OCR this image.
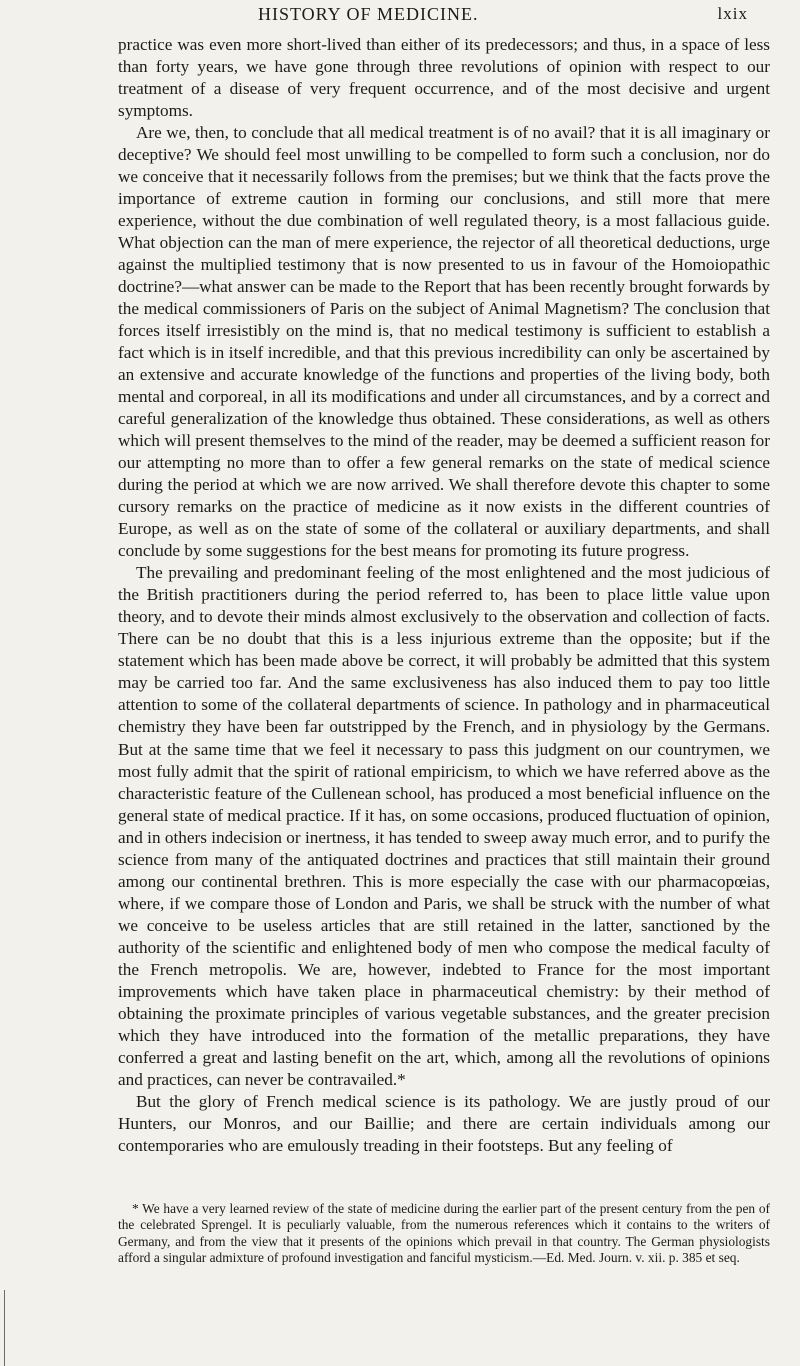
HISTORY OF MEDICINE.	lxix

practice was even more short-lived than either of its predecessors; and thus, in a space of less than forty years, we have gone through three revolutions of opinion with respect to our treatment of a disease of very frequent occurrence, and of the most decisive and urgent symptoms.

Are we, then, to conclude that all medical treatment is of no avail? that it is all imaginary or deceptive? We should feel most unwilling to be compelled to form such a conclusion, nor do we conceive that it necessarily follows from the premises; but we think that the facts prove the importance of extreme caution in forming our conclusions, and still more that mere experience, without the due combination of well regulated theory, is a most fallacious guide. What objection can the man of mere experience, the rejector of all theoretical deductions, urge against the multiplied testimony that is now presented to us in favour of the Homoiopathic doctrine?—what answer can be made to the Report that has been recently brought forwards by the medical commissioners of Paris on the subject of Animal Magnetism? The conclusion that forces itself irresistibly on the mind is, that no medical testimony is sufficient to establish a fact which is in itself incredible, and that this previous incredibility can only be ascertained by an extensive and accurate knowledge of the functions and properties of the living body, both mental and corporeal, in all its modifications and under all circumstances, and by a correct and careful generalization of the knowledge thus obtained. These considerations, as well as others which will present themselves to the mind of the reader, may be deemed a sufficient reason for our attempting no more than to offer a few general remarks on the state of medical science during the period at which we are now arrived. We shall therefore devote this chapter to some cursory remarks on the practice of medicine as it now exists in the different countries of Europe, as well as on the state of some of the collateral or auxiliary departments, and shall conclude by some suggestions for the best means for promoting its future progress.

The prevailing and predominant feeling of the most enlightened and the most judicious of the British practitioners during the period referred to, has been to place little value upon theory, and to devote their minds almost exclusively to the observation and collection of facts. There can be no doubt that this is a less injurious extreme than the opposite; but if the statement which has been made above be correct, it will probably be admitted that this system may be carried too far. And the same exclusiveness has also induced them to pay too little attention to some of the collateral departments of science. In pathology and in pharmaceutical chemistry they have been far outstripped by the French, and in physiology by the Germans. But at the same time that we feel it necessary to pass this judgment on our countrymen, we most fully admit that the spirit of rational empiricism, to which we have referred above as the characteristic feature of the Cullenean school, has produced a most beneficial influence on the general state of medical practice. If it has, on some occasions, produced fluctuation of opinion, and in others indecision or inertness, it has tended to sweep away much error, and to purify the science from many of the antiquated doctrines and practices that still maintain their ground among our continental brethren. This is more especially the case with our pharmacopœias, where, if we compare those of London and Paris, we shall be struck with the number of what we conceive to be useless articles that are still retained in the latter, sanctioned by the authority of the scientific and enlightened body of men who compose the medical faculty of the French metropolis. We are, however, indebted to France for the most important improvements which have taken place in pharmaceutical chemistry: by their method of obtaining the proximate principles of various vegetable substances, and the greater precision which they have introduced into the formation of the metallic preparations, they have conferred a great and lasting benefit on the art, which, among all the revolutions of opinions and practices, can never be contravailed.*

But the glory of French medical science is its pathology. We are justly proud of our Hunters, our Monros, and our Baillie; and there are certain individuals among our contemporaries who are emulously treading in their footsteps. But any feeling of

* We have a very learned review of the state of medicine during the earlier part of the present century from the pen of the celebrated Sprengel. It is peculiarly valuable, from the numerous references which it contains to the writers of Germany, and from the view that it presents of the opinions which prevail in that country. The German physiologists afford a singular admixture of profound investigation and fanciful mysticism.—Ed. Med. Journ. v. xii. p. 385 et seq.
